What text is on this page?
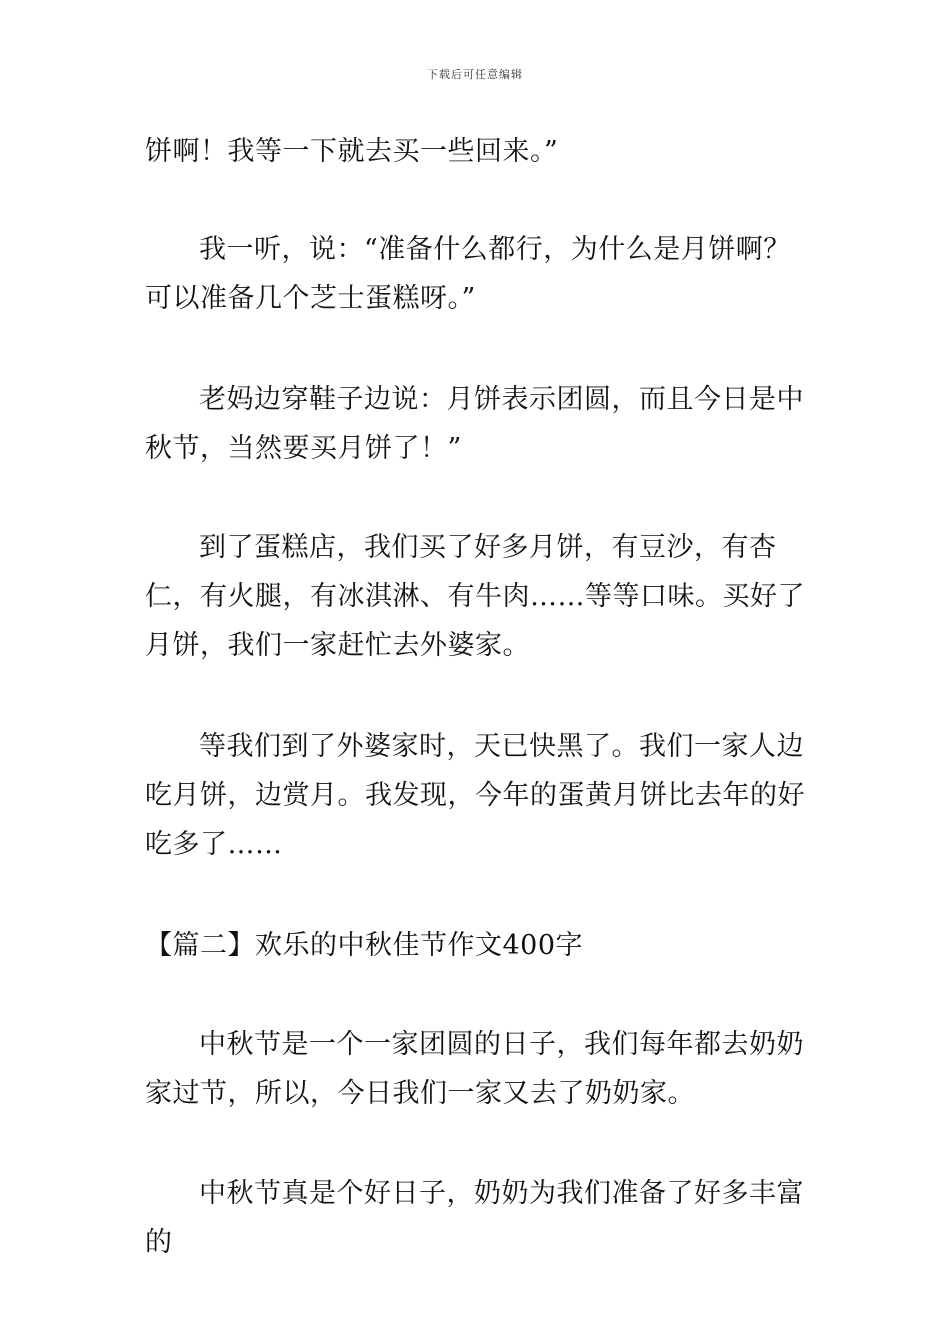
下载后可任意编辑

饼啊！我等一下就去买一些回来。”

我一听，说：“准备什么都行，为什么是月饼啊？可以准备几个芝士蛋糕呀。”

老妈边穿鞋子边说：月饼表示团圆，而且今日是中秋节，当然要买月饼了！”

到了蛋糕店，我们买了好多月饼，有豆沙，有杏仁，有火腿，有冰淇淋、有牛肉……等等口味。买好了月饼，我们一家赶忙去外婆家。

等我们到了外婆家时，天已快黑了。我们一家人边吃月饼，边赏月。我发现，今年的蛋黄月饼比去年的好吃多了……

【篇二】欢乐的中秋佳节作文400字

中秋节是一个一家团圆的日子，我们每年都去奶奶家过节，所以，今日我们一家又去了奶奶家。

中秋节真是个好日子，奶奶为我们准备了好多丰富的
